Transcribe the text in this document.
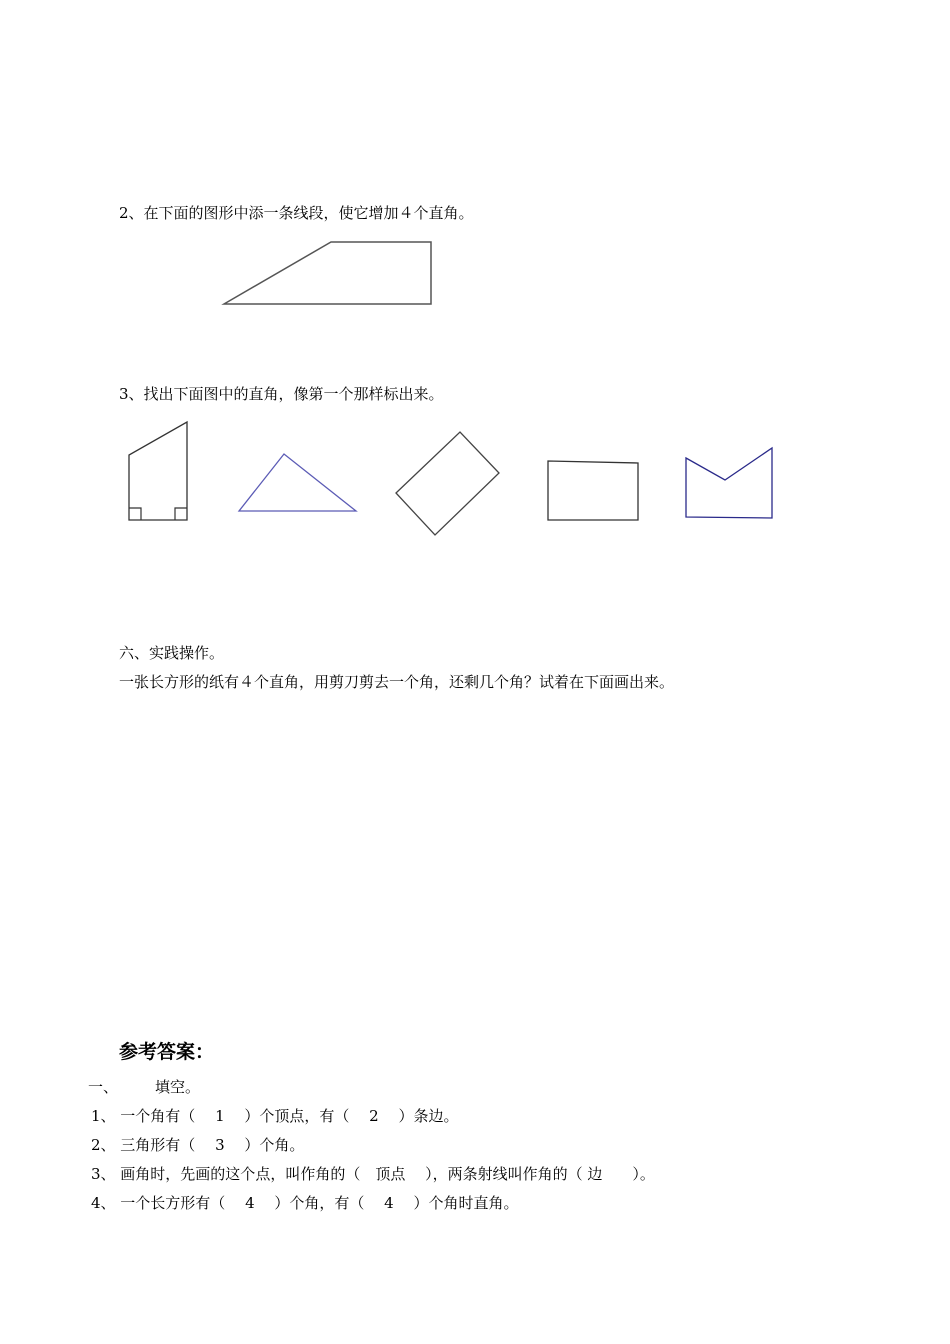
2、在下面的图形中添一条线段，使它增加４个直角。
3、找出下面图中的直角，像第一个那样标出来。
六、实践操作。
一张长方形的纸有４个直角，用剪刀剪去一个角，还剩几个角？试着在下面画出来。
参考答案：
一、 填空。
1、 一个角有（　 1　 ）个顶点，有（　 2　 ）条边。
2、 三角形有（　 3　 ）个角。
3、 画角时，先画的这个点，叫作角的（　顶点　 ），两条射线叫作角的（ 边　　）。
4、 一个长方形有（　 4　 ）个角，有（　 4　 ）个角时直角。
